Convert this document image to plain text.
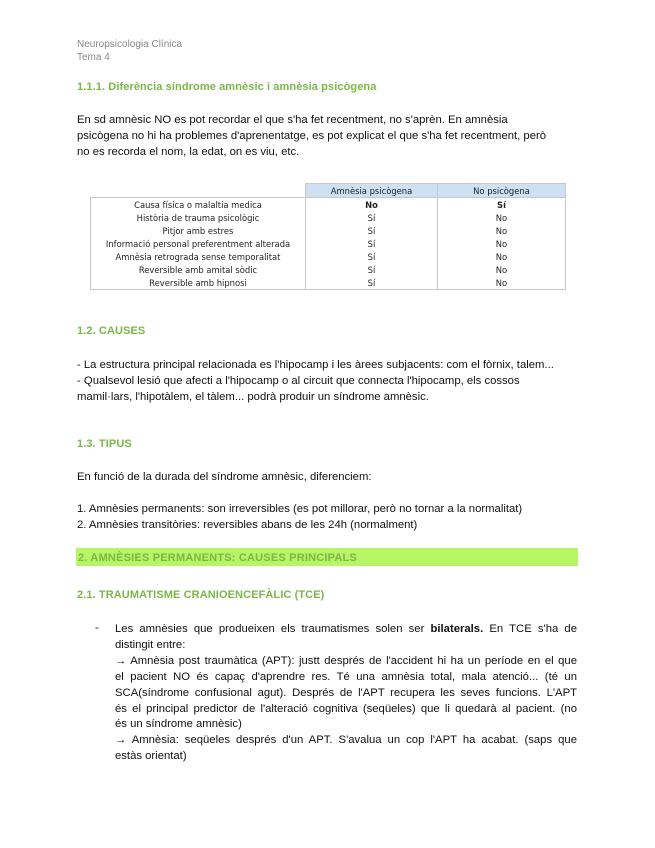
Neuropsicologia Clínica
Tema 4
1.1.1. Diferència síndrome amnèsic i amnèsia psicògena
En sd amnèsic NO es pot recordar el que s'ha fet recentment, no s'aprèn. En amnèsia
psicògena no hi ha problemes d'aprenentatge, es pot explicat el que s'ha fet recentment, però
no es recorda el nom, la edat, on es viu, etc.
	Amnèsia psicògena	No psicògena
Causa física o malaltia medica	No	Sí
Història de trauma psicològic	Sí	No
Pitjor amb estres	Sí	No
Informació personal preferentment alterada	Sí	No
Amnèsia retrograda sense temporalitat	Sí	No
Reversible amb amital sòdic	Sí	No
Reversible amb hipnosi	Sí	No
1.2. CAUSES
- La estructura principal relacionada es l'hipocamp i les àrees subjacents: com el fòrnix, talem...
- Qualsevol lesió que afecti a l'hipocamp o al circuit que connecta l'hipocamp, els cossos
mamil·lars, l'hipotàlem, el tàlem... podrà produir un síndrome amnèsic.
1.3. TIPUS
En funció de la durada del síndrome amnèsic, diferenciem:
1. Amnèsies permanents: son irreversibles (es pot millorar, però no tornar a la normalitat)
2. Amnèsies transitòries: reversibles abans de les 24h (normalment)
2. AMNÈSIES PERMANENTS: CAUSES PRINCIPALS
2.1. TRAUMATISME CRANIOENCEFÀLIC (TCE)
- Les amnèsies que produeixen els traumatismes solen ser bilaterals. En TCE s'ha de
distingit entre:
→ Amnèsia post traumàtica (APT): justt després de l'accident hi ha un període en el que
el pacient NO és capaç d'aprendre res. Té una amnèsia total, mala atenció... (té un
SCA(síndrome confusional agut). Després de l'APT recupera les seves funcions. L'APT
és el principal predictor de l'alteració cognitiva (seqüeles) que li quedarà al pacient. (no
és un síndrome amnèsic)
→ Amnèsia: seqüeles després d'un APT. S'avalua un cop l'APT ha acabat. (saps que
estàs orientat)
